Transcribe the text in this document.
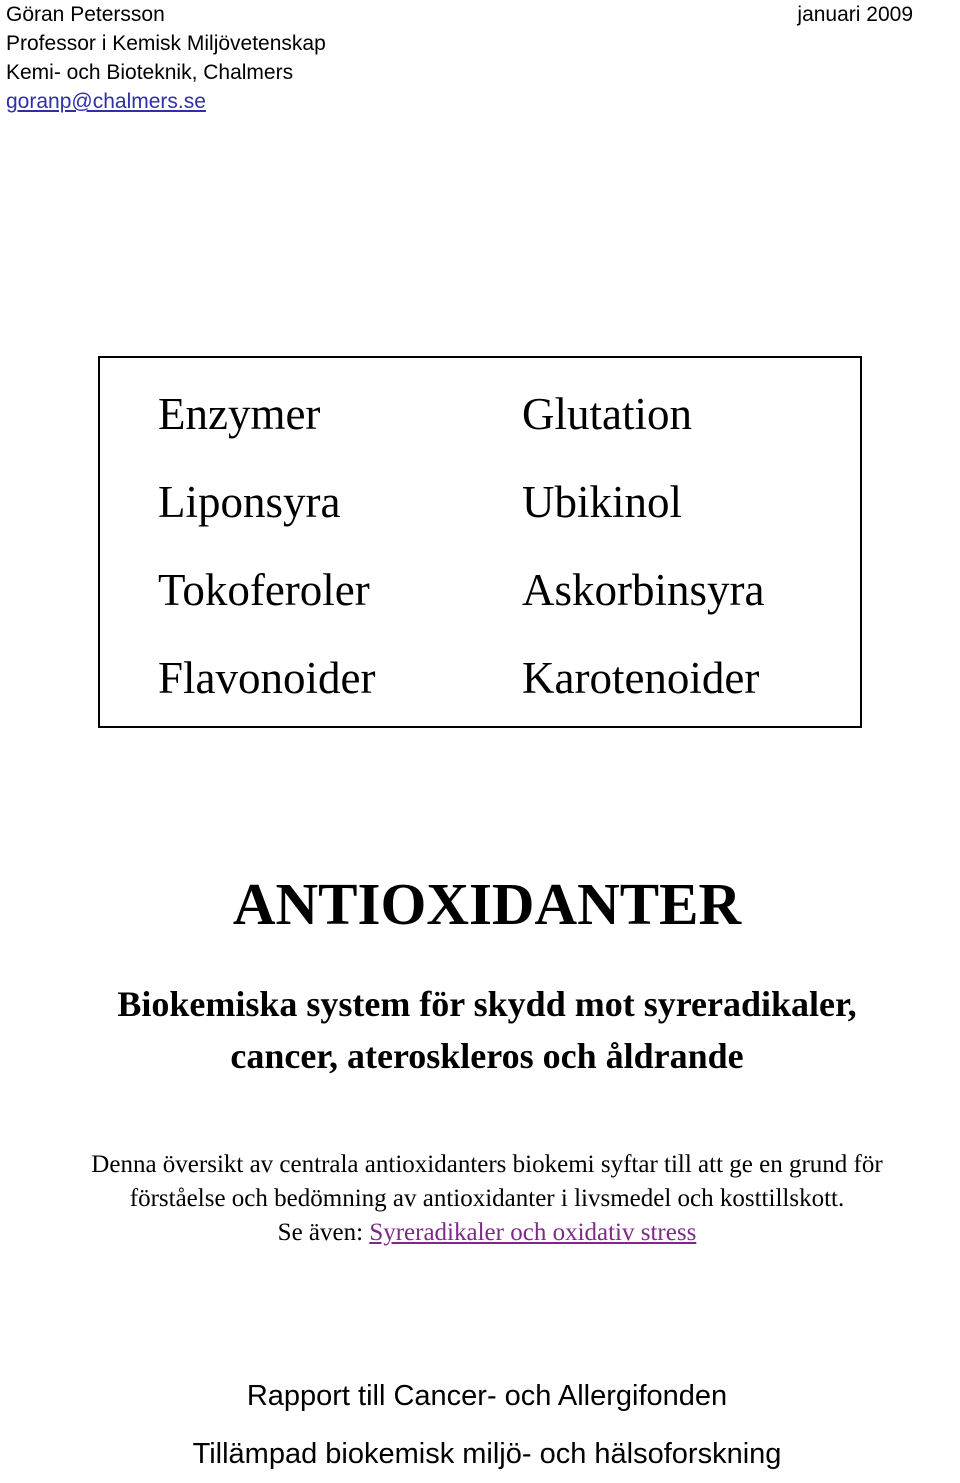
Göran Petersson
Professor i Kemisk Miljövetenskap
Kemi- och Bioteknik, Chalmers
goranp@chalmers.se
januari 2009
Enzymer
Liponsyra
Tokoferoler
Flavonoider
Glutation
Ubikinol
Askorbinsyra
Karotenoider
ANTIOXIDANTER
Biokemiska system för skydd mot syreradikaler,
cancer, ateroskleros och åldrande
Denna översikt av centrala antioxidanters biokemi syftar till att ge en grund för
förståelse och bedömning av antioxidanter i livsmedel och kosttillskott.
Se även: Syreradikaler och oxidativ stress
Rapport till Cancer- och Allergifonden
Tillämpad biokemisk miljö- och hälsoforskning
